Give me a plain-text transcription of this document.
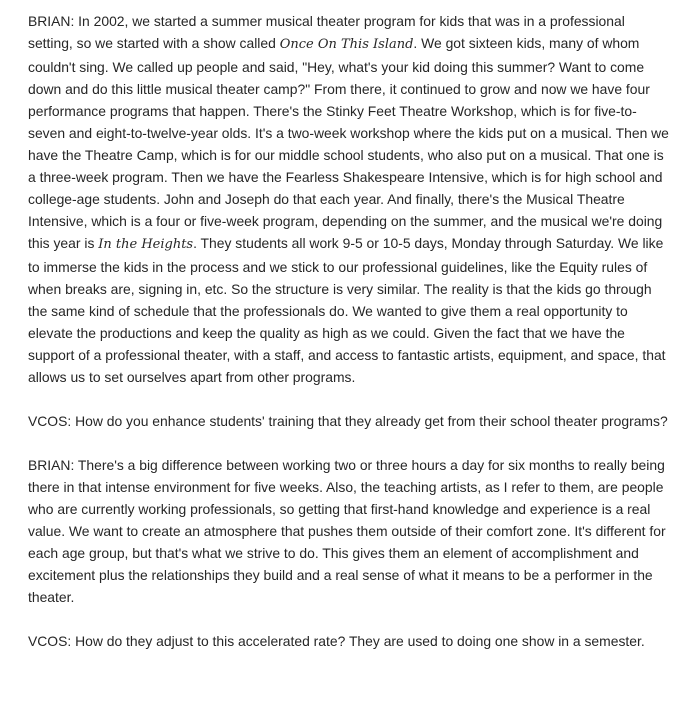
BRIAN: In 2002, we started a summer musical theater program for kids that was in a professional setting, so we started with a show called Once On This Island. We got sixteen kids, many of whom couldn't sing. We called up people and said, "Hey, what's your kid doing this summer? Want to come down and do this little musical theater camp?" From there, it continued to grow and now we have four performance programs that happen. There's the Stinky Feet Theatre Workshop, which is for five-to-seven and eight-to-twelve-year olds. It's a two-week workshop where the kids put on a musical. Then we have the Theatre Camp, which is for our middle school students, who also put on a musical. That one is a three-week program. Then we have the Fearless Shakespeare Intensive, which is for high school and college-age students. John and Joseph do that each year. And finally, there's the Musical Theatre Intensive, which is a four or five-week program, depending on the summer, and the musical we're doing this year is In the Heights. They students all work 9-5 or 10-5 days, Monday through Saturday. We like to immerse the kids in the process and we stick to our professional guidelines, like the Equity rules of when breaks are, signing in, etc. So the structure is very similar. The reality is that the kids go through the same kind of schedule that the professionals do. We wanted to give them a real opportunity to elevate the productions and keep the quality as high as we could. Given the fact that we have the support of a professional theater, with a staff, and access to fantastic artists, equipment, and space, that allows us to set ourselves apart from other programs.

VCOS: How do you enhance students' training that they already get from their school theater programs?

BRIAN: There's a big difference between working two or three hours a day for six months to really being there in that intense environment for five weeks. Also, the teaching artists, as I refer to them, are people who are currently working professionals, so getting that first-hand knowledge and experience is a real value. We want to create an atmosphere that pushes them outside of their comfort zone. It's different for each age group, but that's what we strive to do. This gives them an element of accomplishment and excitement plus the relationships they build and a real sense of what it means to be a performer in the theater.

VCOS: How do they adjust to this accelerated rate? They are used to doing one show in a semester.
